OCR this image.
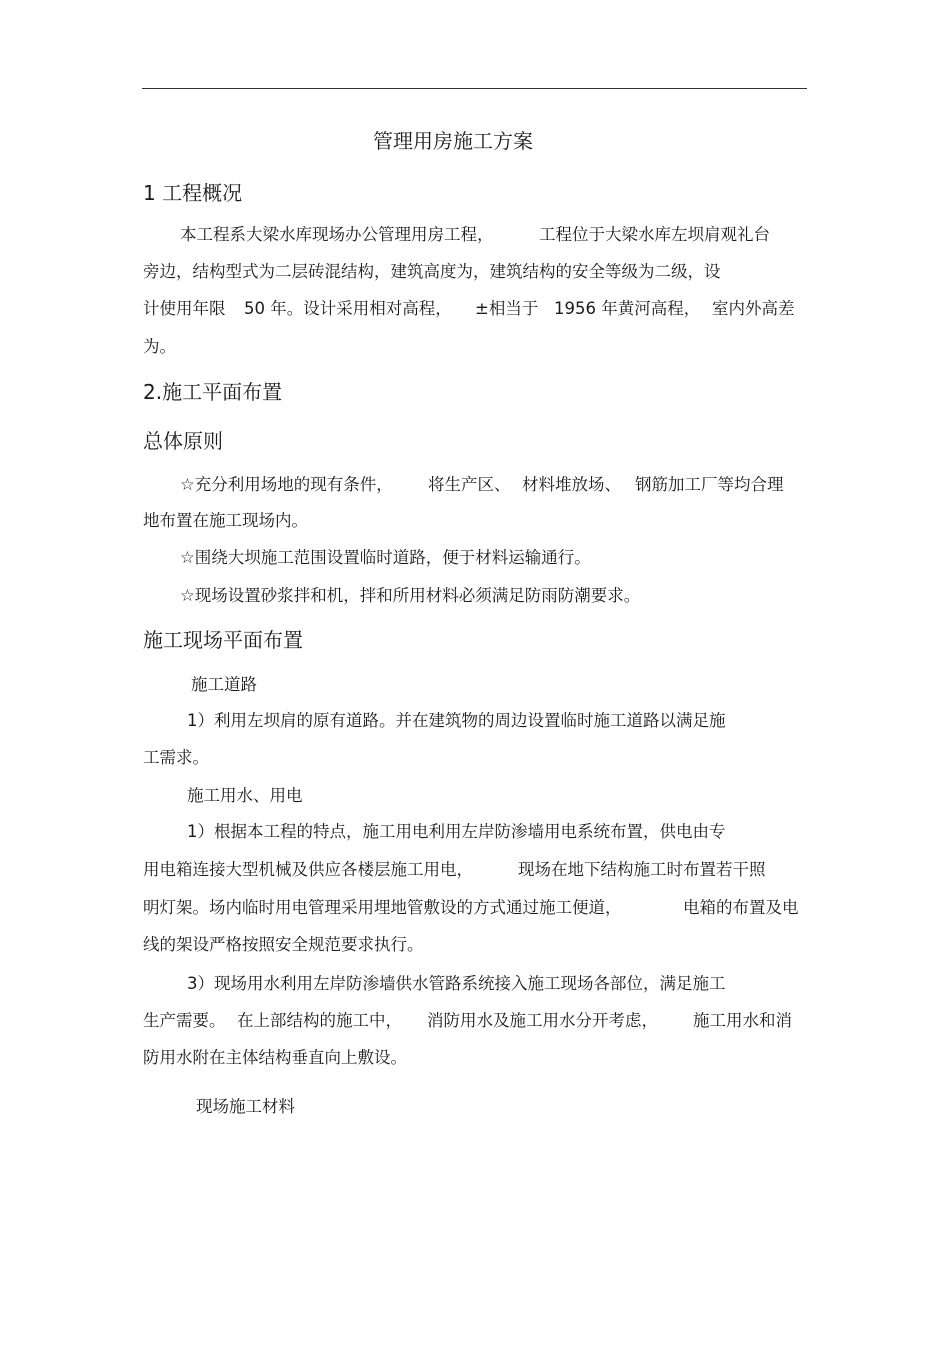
管理用房施工方案
1 工程概况
本工程系大梁水库现场办公管理用房工程，	工程位于大梁水库左坝肩观礼台
旁边，结构型式为二层砖混结构，建筑高度为，建筑结构的安全等级为二级，设
计使用年限 50 年。设计采用相对高程， ±相当于 1956 年黄河高程， 室内外高差
为。
2.施工平面布置
总体原则
☆充分利用场地的现有条件， 将生产区、 材料堆放场、 钢筋加工厂等均合理
地布置在施工现场内。
☆围绕大坝施工范围设置临时道路，便于材料运输通行。
☆现场设置砂浆拌和机，拌和所用材料必须满足防雨防潮要求。
施工现场平面布置
施工道路
1）利用左坝肩的原有道路。并在建筑物的周边设置临时施工道路以满足施
工需求。
施工用水、用电
1）根据本工程的特点，施工用电利用左岸防渗墙用电系统布置，供电由专
用电箱连接大型机械及供应各楼层施工用电，	现场在地下结构施工时布置若干照
明灯架。场内临时用电管理采用埋地管敷设的方式通过施工便道，	电箱的布置及电
线的架设严格按照安全规范要求执行。
3）现场用水利用左岸防渗墙供水管路系统接入施工现场各部位，满足施工
生产需要。 在上部结构的施工中， 消防用水及施工用水分开考虑， 施工用水和消
防用水附在主体结构垂直向上敷设。
现场施工材料
